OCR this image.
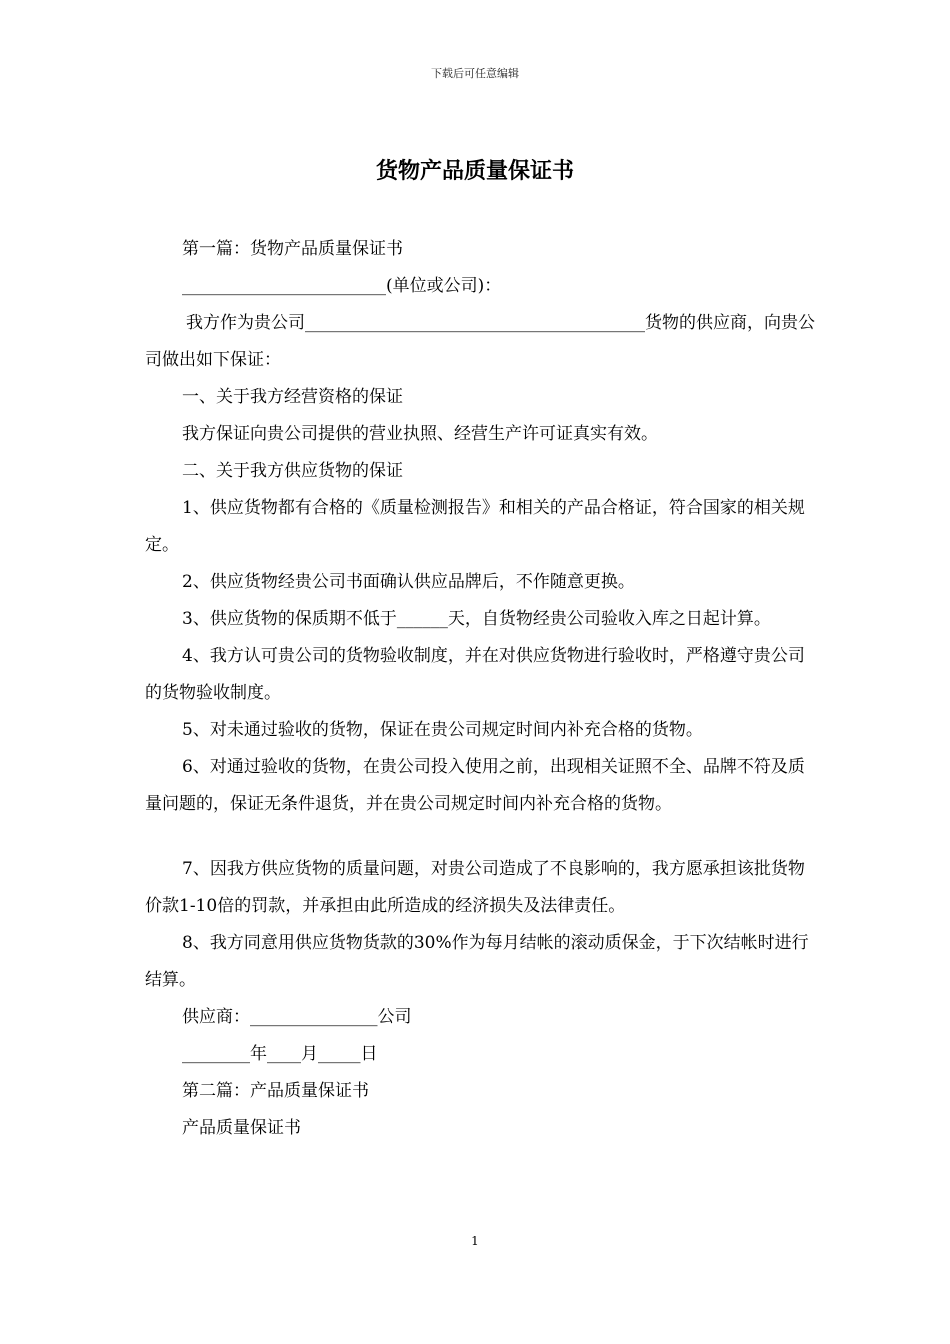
下载后可任意编辑
货物产品质量保证书

第一篇：货物产品质量保证书

________________________(单位或公司)：

我方作为贵公司________________________________________货物的供应商，向贵公司做出如下保证：

一、关于我方经营资格的保证

我方保证向贵公司提供的营业执照、经营生产许可证真实有效。

二、关于我方供应货物的保证

1、供应货物都有合格的《质量检测报告》和相关的产品合格证，符合国家的相关规定。

2、供应货物经贵公司书面确认供应品牌后，不作随意更换。

3、供应货物的保质期不低于______天，自货物经贵公司验收入库之日起计算。

4、我方认可贵公司的货物验收制度，并在对供应货物进行验收时，严格遵守贵公司的货物验收制度。

5、对未通过验收的货物，保证在贵公司规定时间内补充合格的货物。

6、对通过验收的货物，在贵公司投入使用之前，出现相关证照不全、品牌不符及质量问题的，保证无条件退货，并在贵公司规定时间内补充合格的货物。

7、因我方供应货物的质量问题，对贵公司造成了不良影响的，我方愿承担该批货物价款1-10倍的罚款，并承担由此所造成的经济损失及法律责任。

8、我方同意用供应货物货款的30%作为每月结帐的滚动质保金，于下次结帐时进行结算。

供应商：_______________公司

________年____月_____日

第二篇：产品质量保证书

产品质量保证书

1
